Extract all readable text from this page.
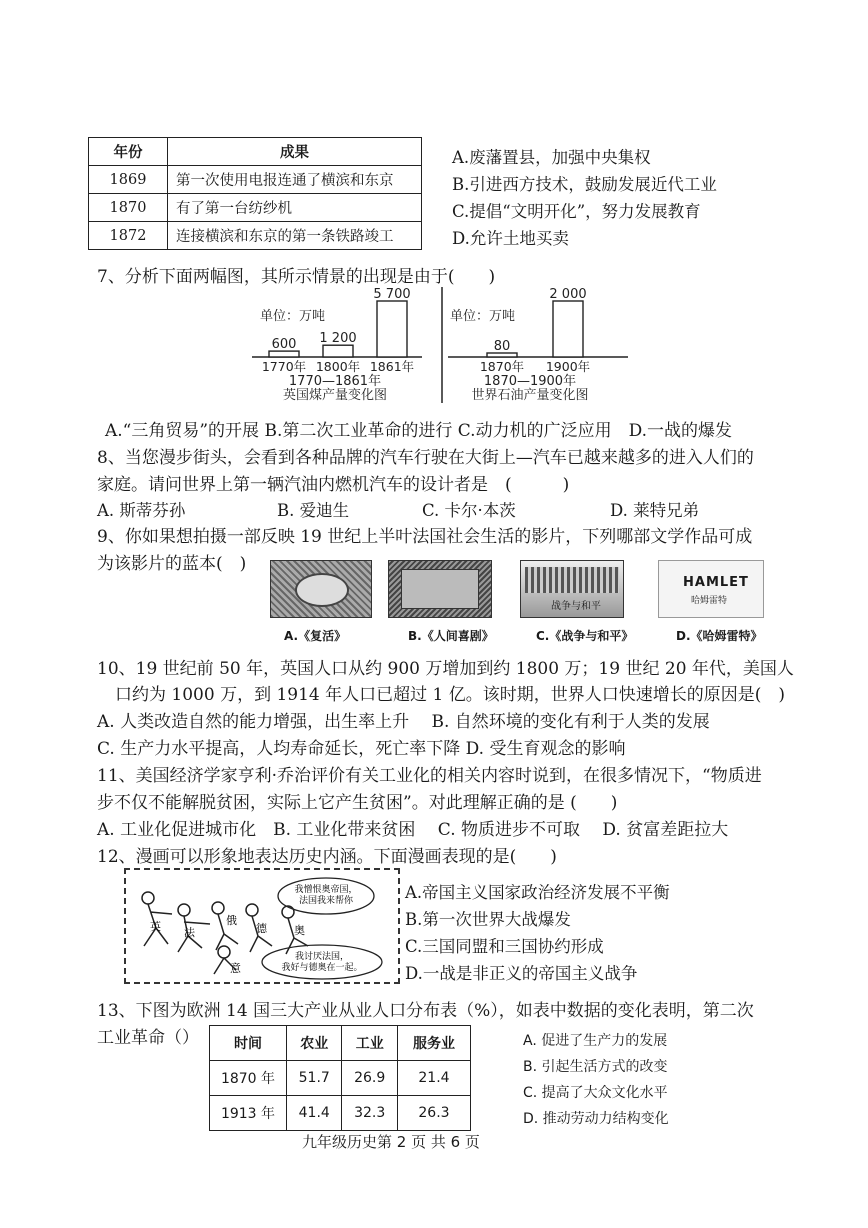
年份	成果
1869	第一次使用电报连通了横滨和东京
1870	有了第一台纺纱机
1872	连接横滨和东京的第一条铁路竣工
A.废藩置县，加强中央集权
B.引进西方技术，鼓励发展近代工业
C.提倡“文明开化”，努力发展教育
D.允许土地买卖
7、分析下面两幅图，其所示情景的出现是由于(　　)
单位：万吨
600
1770年
1 200
1800年
5 700
1861年
1770—1861年
英国煤产量变化图
单位：万吨
80
1870年
2 000
1900年
1870—1900年
世界石油产量变化图
A.“三角贸易”的开展 B.第二次工业革命的进行 C.动力机的广泛应用　D.一战的爆发
8、当您漫步街头，会看到各种品牌的汽车行驶在大街上—汽车已越来越多的进入人们的
家庭。请问世界上第一辆汽油内燃机汽车的设计者是　(　　　)
A. 斯蒂芬孙	B. 爱迪生	C. 卡尔·本茨	D. 莱特兄弟
9、你如果想拍摄一部反映 19 世纪上半叶法国社会生活的影片，下列哪部文学作品可成
为该影片的蓝本(　)
战争与和平
HAMLET
哈姆雷特
A.《复活》	B.《人间喜剧》	C.《战争与和平》	D.《哈姆雷特》
10、19 世纪前 50 年，英国人口从约 900 万增加到约 1800 万；19 世纪 20 年代，美国人
口约为 1000 万，到 1914 年人口已超过 1 亿。该时期，世界人口快速增长的原因是(　)
A. 人类改造自然的能力增强，出生率上升　 B. 自然环境的变化有利于人类的发展
C. 生产力水平提高，人均寿命延长，死亡率下降 D. 受生育观念的影响
11、美国经济学家亨利·乔治评价有关工业化的相关内容时说到，在很多情况下，“物质进
步不仅不能解脱贫困，实际上它产生贫困”。对此理解正确的是 (　　)
A. 工业化促进城市化　B. 工业化带来贫困　 C. 物质进步不可取　 D. 贫富差距拉大
12、漫画可以形象地表达历史内涵。下面漫画表现的是(　　)
我憎恨奥帝国，
法国我来帮你
我讨厌法国，
我好与德奥在一起。
英 法
俄
德 奥
意
A.帝国主义国家政治经济发展不平衡
B.第一次世界大战爆发
C.三国同盟和三国协约形成
D.一战是非正义的帝国主义战争
13、下图为欧洲 14 国三大产业从业人口分布表（%），如表中数据的变化表明，第二次
工业革命（）	时间	农业	工业	服务业
1870 年	51.7	26.9	21.4
1913 年	41.4	32.3	26.3
A. 促进了生产力的发展
B. 引起生活方式的改变
C. 提高了大众文化水平
D. 推动劳动力结构变化
九年级历史第 2 页 共 6 页
